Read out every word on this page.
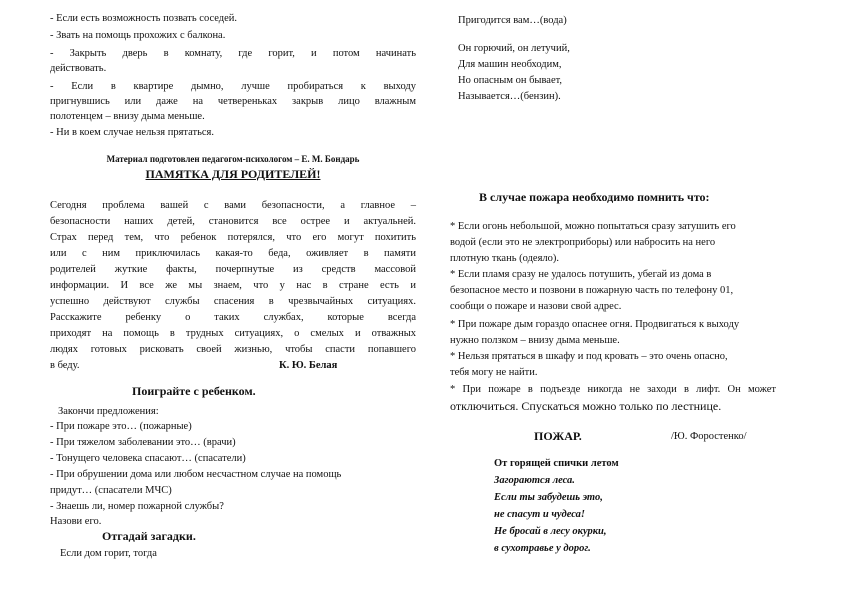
- Если есть возможность позвать соседей.
- Звать на помощь прохожих с балкона.
- Закрыть дверь в комнату, где горит, и потом начинать
действовать.
- Если в квартире дымно, лучше пробираться к выходу
пригнувшись или даже на четвереньках закрыв лицо влажным
полотенцем – внизу дыма меньше.
- Ни в коем случае нельзя прятаться.
Материал подготовлен педагогом-психологом – Е. М. Бондарь
ПАМЯТКА ДЛЯ РОДИТЕЛЕЙ!
Сегодня проблема вашей с вами безопасности, а главное –
безопасности наших детей, становится все острее и актуальней.
Страх перед тем, что ребенок потерялся, что его могут похитить
или с ним приключилась какая-то беда, оживляет в памяти
родителей жуткие факты, почерпнутые из средств массовой
информации. И все же мы знаем, что у нас в стране есть и
успешно действуют службы спасения в чрезвычайных ситуациях.
Расскажите ребенку о таких службах, которые всегда
приходят на помощь в трудных ситуациях, о смелых и отважных
людях готовых рисковать своей жизнью, чтобы спасти попавшего
в беду.	К. Ю. Белая
Поиграйте с ребенком.
Закончи предложения:
- При пожаре это… (пожарные)
- При тяжелом заболевании это… (врачи)
- Тонущего человека спасают… (спасатели)
- При обрушении дома или любом несчастном случае на помощь
придут… (спасатели МЧС)
- Знаешь ли, номер пожарной службы?
Назови его.
Отгадай загадки.
Если дом горит, тогда
Пригодится вам…(вода)
Он горючий, он летучий,
Для машин необходим,
Но опасным он бывает,
Называется…(бензин).
В случае пожара необходимо помнить что:
* Если огонь небольшой, можно попытаться сразу затушить его
водой (если это не электроприборы) или набросить на него
плотную ткань (одеяло).
* Если пламя сразу не удалось потушить, убегай из дома в
безопасное место и позвони в пожарную часть по телефону 01,
сообщи о пожаре и назови свой адрес.
* При пожаре дым гораздо опаснее огня. Продвигаться к выходу
нужно ползком – внизу дыма меньше.
* Нельзя прятаться в шкафу и под кровать – это очень опасно,
тебя могу не найти.
* При пожаре в подъезде никогда не заходи в лифт. Он может
отключиться. Спускаться можно только по лестнице.
ПОЖАР.	/Ю. Форостенко/
От горящей спички летом
Загораются леса.
Если ты забудешь это,
не спасут и чудеса!
Не бросай в лесу окурки,
в сухотравье у дорог.
